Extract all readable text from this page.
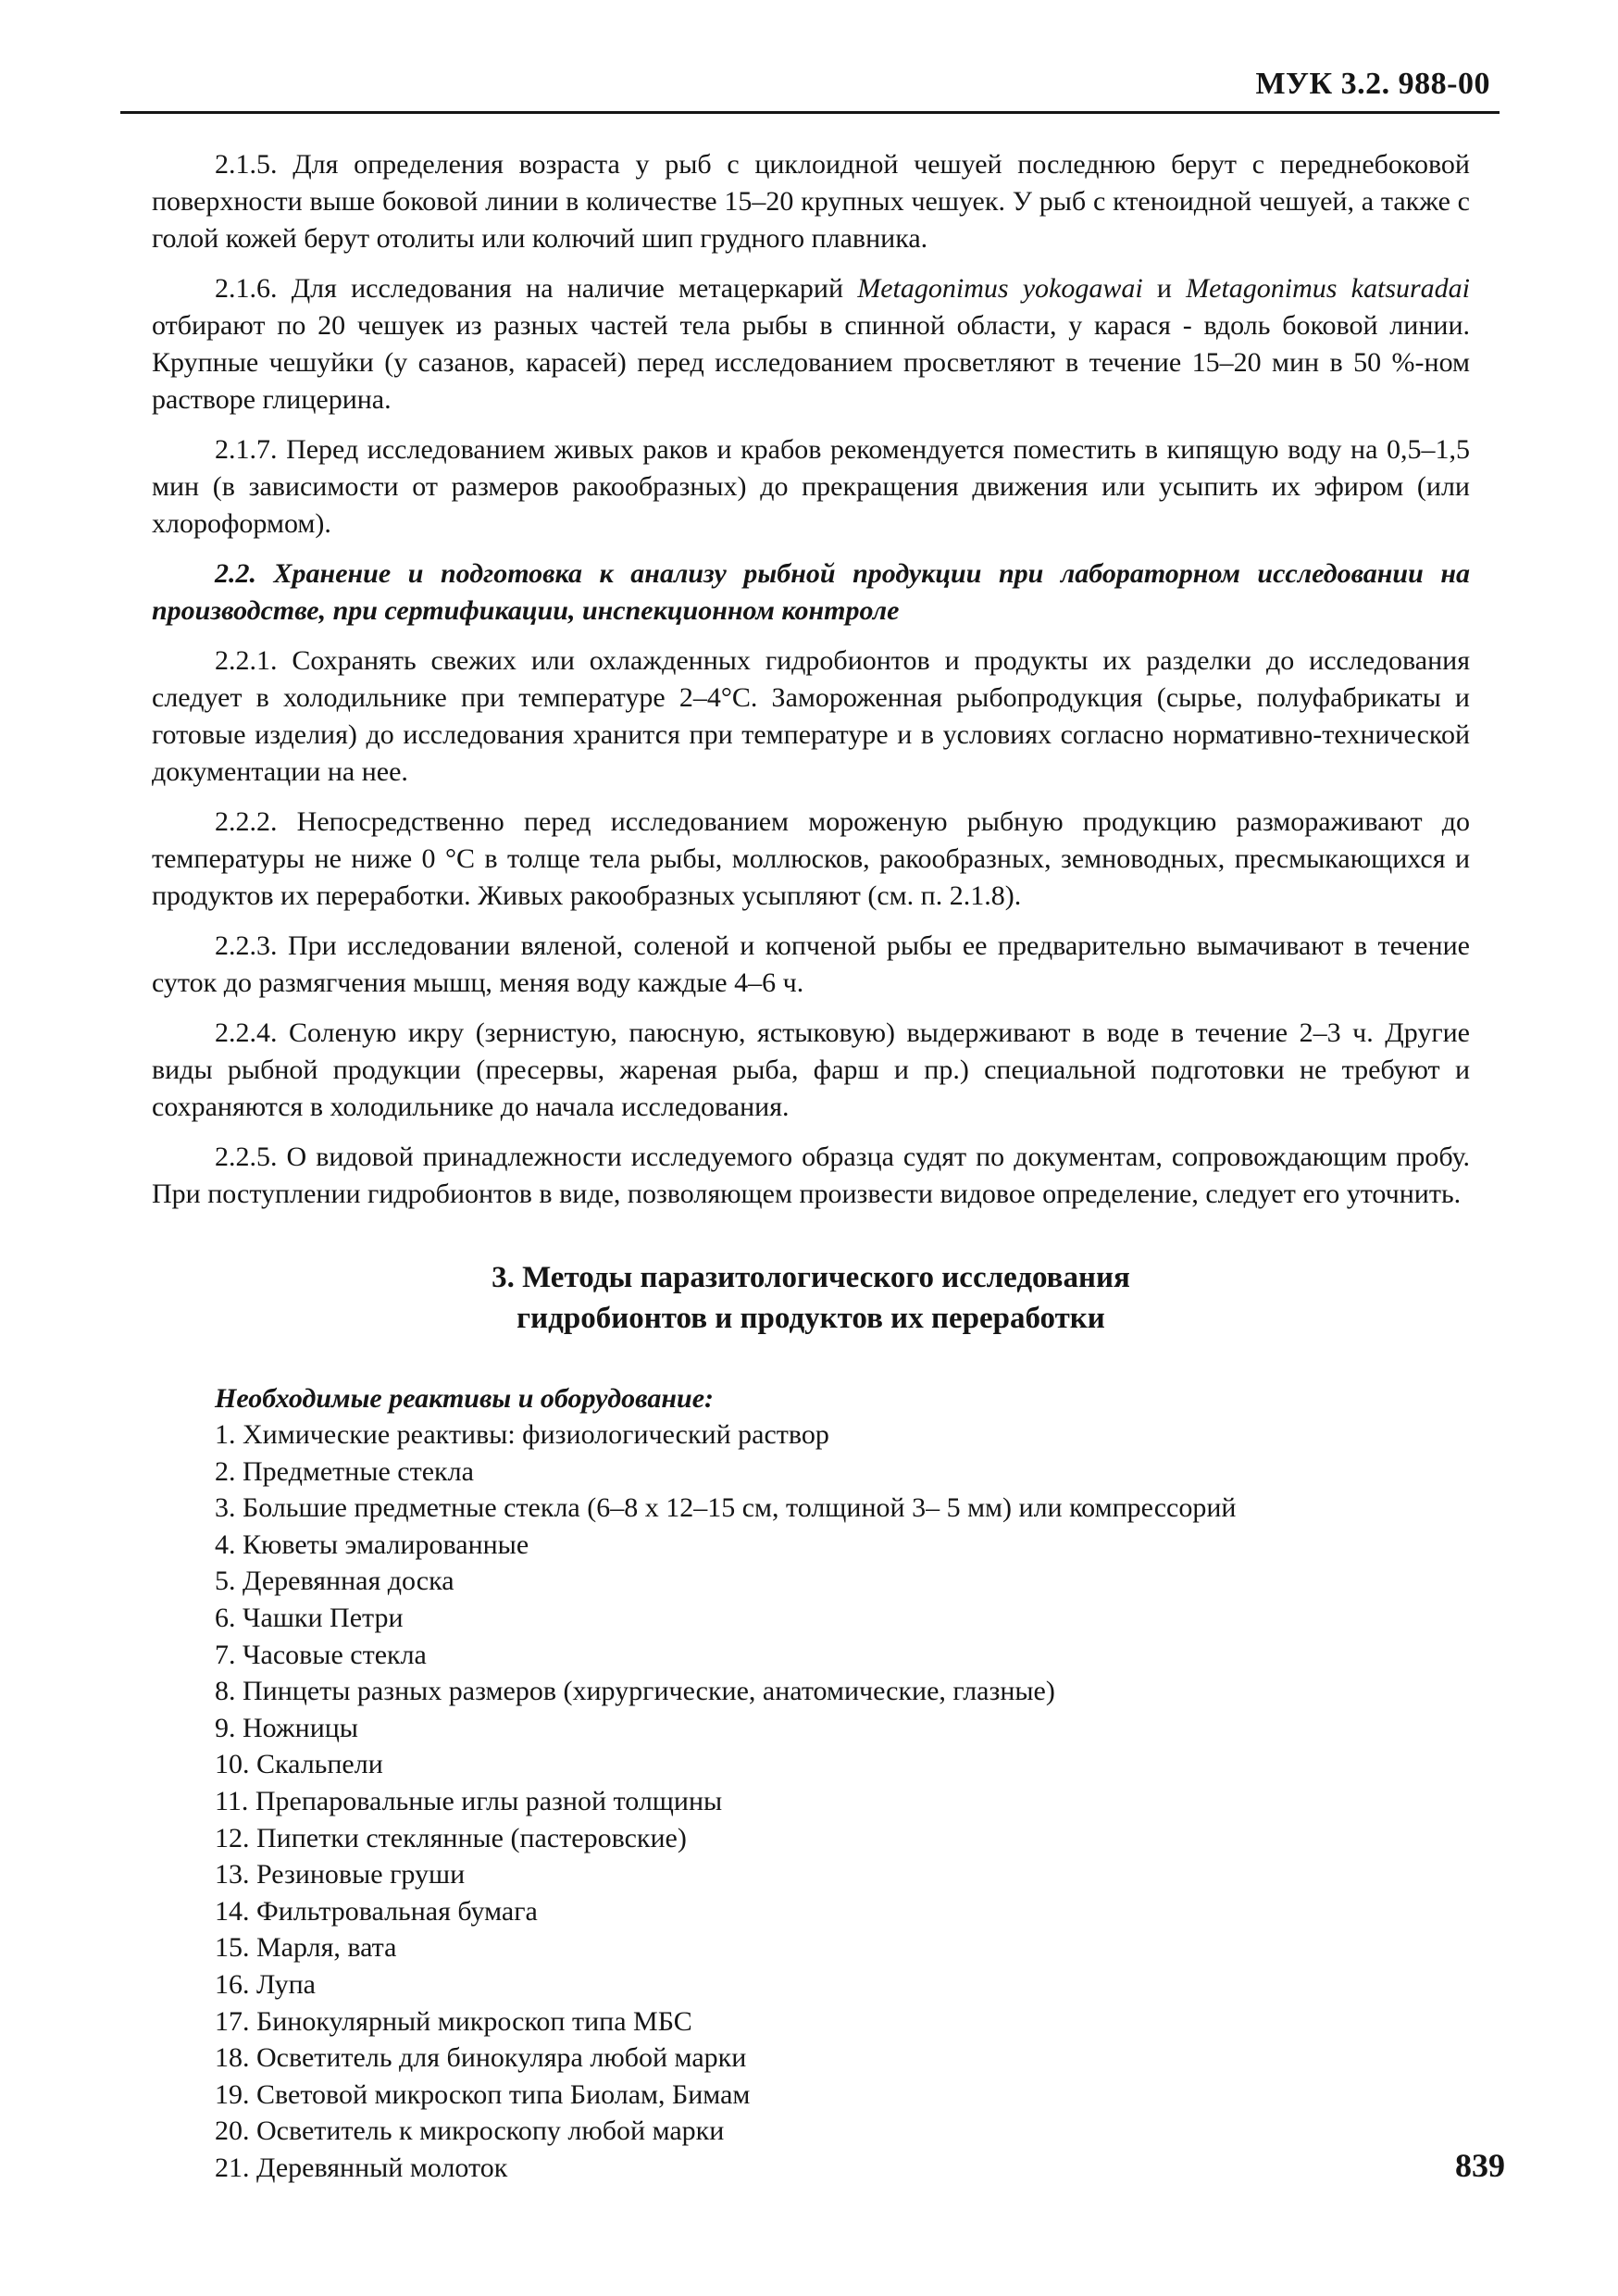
МУК 3.2. 988-00

2.1.5. Для определения возраста у рыб с циклоидной чешуей последнюю берут с переднебоковой поверхности выше боковой линии в количестве 15–20 крупных чешуек. У рыб с ктеноидной чешуей, а также с голой кожей берут отолиты или колючий шип грудного плавника.

2.1.6. Для исследования на наличие метацеркарий Metagonimus yokogawai и Metagonimus katsuradai отбирают по 20 чешуек из разных частей тела рыбы в спинной области, у карася - вдоль боковой линии. Крупные чешуйки (у сазанов, карасей) перед исследованием просветляют в течение 15–20 мин в 50 %-ном растворе глицерина.

2.1.7. Перед исследованием живых раков и крабов рекомендуется поместить в кипящую воду на 0,5–1,5 мин (в зависимости от размеров ракообразных) до прекращения движения или усыпить их эфиром (или хлороформом).

2.2. Хранение и подготовка к анализу рыбной продукции при лабораторном исследовании на производстве, при сертификации, инспекционном контроле

2.2.1. Сохранять свежих или охлажденных гидробионтов и продукты их разделки до исследования следует в холодильнике при температуре 2–4°С. Замороженная рыбопродукция (сырье, полуфабрикаты и готовые изделия) до исследования хранится при температуре и в условиях согласно нормативно-технической документации на нее.

2.2.2. Непосредственно перед исследованием мороженую рыбную продукцию размораживают до температуры не ниже 0 °С в толще тела рыбы, моллюсков, ракообразных, земноводных, пресмыкающихся и продуктов их переработки. Живых ракообразных усыпляют (см. п. 2.1.8).

2.2.3. При исследовании вяленой, соленой и копченой рыбы ее предварительно вымачивают в течение суток до размягчения мышц, меняя воду каждые 4–6 ч.

2.2.4. Соленую икру (зернистую, паюсную, ястыковую) выдерживают в воде в течение 2–3 ч. Другие виды рыбной продукции (пресервы, жареная рыба, фарш и пр.) специальной подготовки не требуют и сохраняются в холодильнике до начала исследования.

2.2.5. О видовой принадлежности исследуемого образца судят по документам, сопровождающим пробу. При поступлении гидробионтов в виде, позволяющем произвести видовое определение, следует его уточнить.

3. Методы паразитологического исследования
гидробионтов и продуктов их переработки
Необходимые реактивы и оборудование:
1. Химические реактивы: физиологический раствор
2. Предметные стекла
3. Большие предметные стекла (6–8 х 12–15 см, толщиной 3– 5 мм) или компрессорий
4. Кюветы эмалированные
5. Деревянная доска
6. Чашки Петри
7. Часовые стекла
8. Пинцеты разных размеров (хирургические, анатомические, глазные)
9. Ножницы
10. Скальпели
11. Препаровальные иглы разной толщины
12. Пипетки стеклянные (пастеровские)
13. Резиновые груши
14. Фильтровальная бумага
15. Марля, вата
16. Лупа
17. Бинокулярный микроскоп типа МБС
18. Осветитель для бинокуляра любой марки
19. Световой микроскоп типа Биолам, Бимам
20. Осветитель к микроскопу любой марки
21. Деревянный молоток	839
